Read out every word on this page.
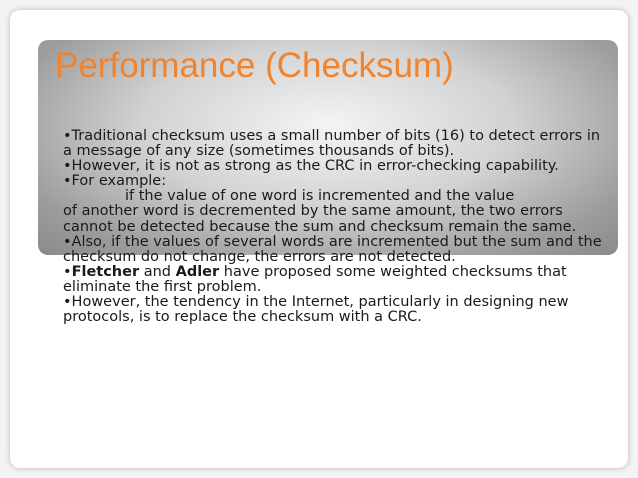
Performance (Checksum)

•Traditional checksum uses a small number of bits (16) to detect errors in a message of any size (sometimes thousands of bits).

•However, it is not as strong as the CRC in error-checking capability.

•For example:

if the value of one word is incremented and the value
of another word is decremented by the same amount, the two errors cannot be detected because the sum and checksum remain the same.

•Also, if the values of several words are incremented but the sum and the checksum do not change, the errors are not detected.

•Fletcher and Adler have proposed some weighted checksums that eliminate the first problem.

•However, the tendency in the Internet, particularly in designing new protocols, is to replace the checksum with a CRC.
